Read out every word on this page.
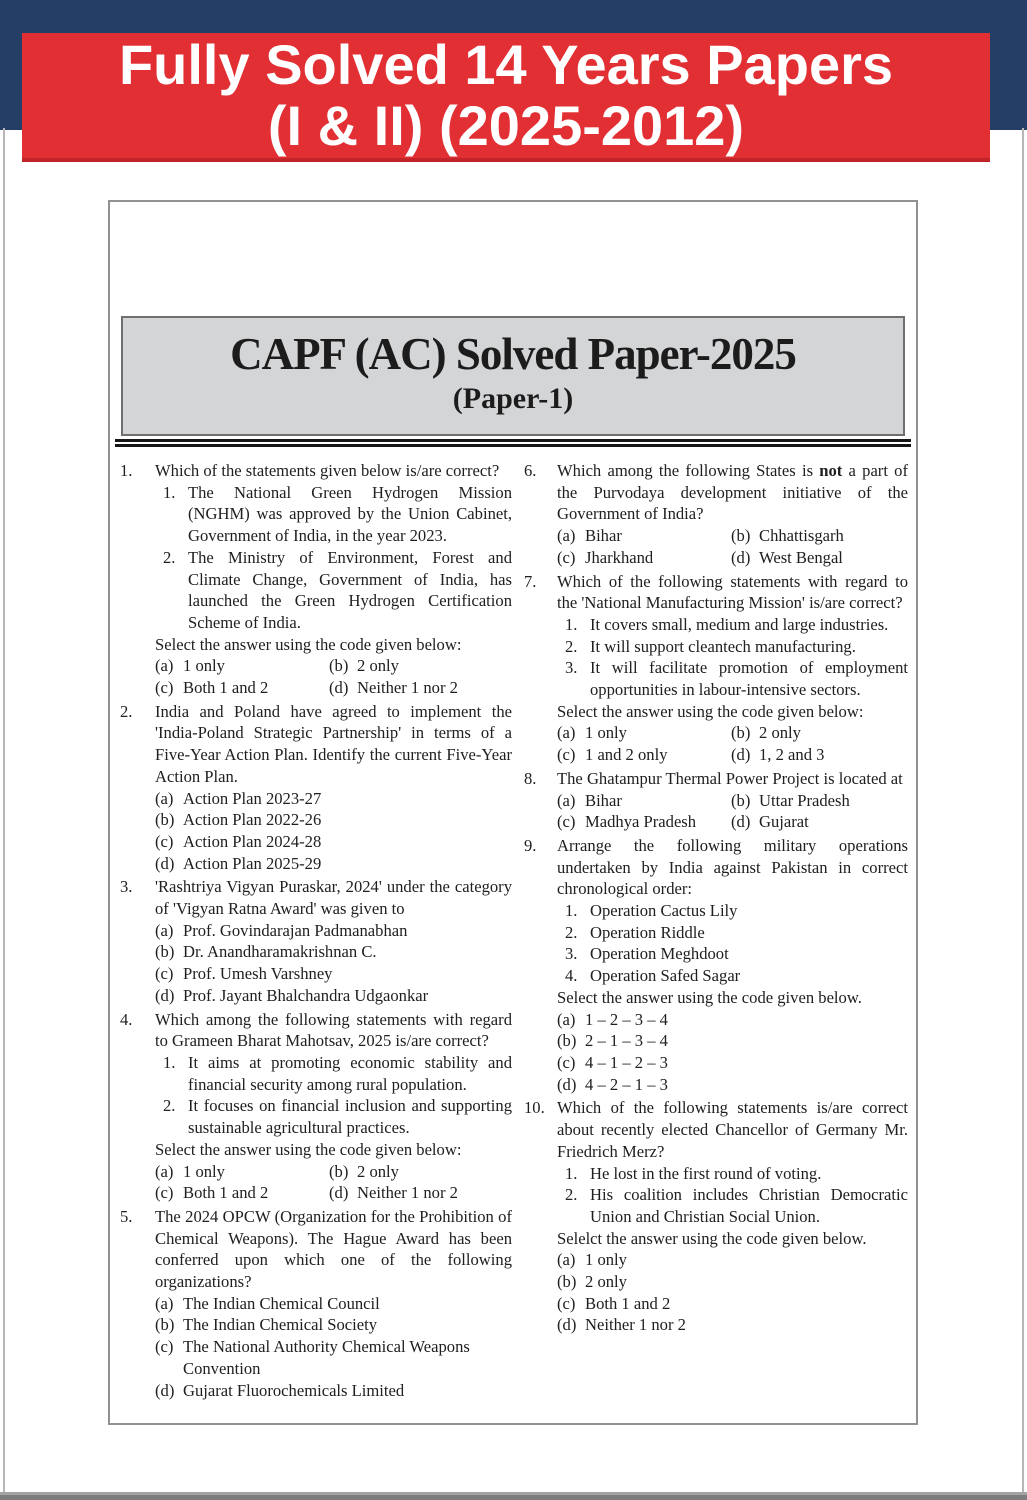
Fully Solved 14 Years Papers
(I & II) (2025-2012)
CAPF (AC) Solved Paper-2025
(Paper-1)
1.	Which of the statements given below is/are correct?
1. The National Green Hydrogen Mission (NGHM) was approved by the Union Cabinet, Government of India, in the year 2023.
2. The Ministry of Environment, Forest and Climate Change, Government of India, has launched the Green Hydrogen Certification Scheme of India.
Select the answer using the code given below:
(a) 1 only	(b) 2 only
(c) Both 1 and 2	(d) Neither 1 nor 2
2.	India and Poland have agreed to implement the 'India-Poland Strategic Partnership' in terms of a Five-Year Action Plan. Identify the current Five-Year Action Plan.
(a) Action Plan 2023-27
(b) Action Plan 2022-26
(c) Action Plan 2024-28
(d) Action Plan 2025-29
3.	'Rashtriya Vigyan Puraskar, 2024' under the category of 'Vigyan Ratna Award' was given to
(a) Prof. Govindarajan Padmanabhan
(b) Dr. Anandharamakrishnan C.
(c) Prof. Umesh Varshney
(d) Prof. Jayant Bhalchandra Udgaonkar
4.	Which among the following statements with regard to Grameen Bharat Mahotsav, 2025 is/are correct?
1. It aims at promoting economic stability and financial security among rural population.
2. It focuses on financial inclusion and supporting sustainable agricultural practices.
Select the answer using the code given below:
(a) 1 only	(b) 2 only
(c) Both 1 and 2	(d) Neither 1 nor 2
5.	The 2024 OPCW (Organization for the Prohibition of Chemical Weapons). The Hague Award has been conferred upon which one of the following organizations?
(a) The Indian Chemical Council
(b) The Indian Chemical Society
(c) The National Authority Chemical Weapons Convention
(d) Gujarat Fluorochemicals Limited
6.	Which among the following States is not a part of the Purvodaya development initiative of the Government of India?
(a) Bihar	(b) Chhattisgarh
(c) Jharkhand	(d) West Bengal
7.	Which of the following statements with regard to the 'National Manufacturing Mission' is/are correct?
1. It covers small, medium and large industries.
2. It will support cleantech manufacturing.
3. It will facilitate promotion of employment opportunities in labour-intensive sectors.
Select the answer using the code given below:
(a) 1 only	(b) 2 only
(c) 1 and 2 only	(d) 1, 2 and 3
8.	The Ghatampur Thermal Power Project is located at
(a) Bihar	(b) Uttar Pradesh
(c) Madhya Pradesh (d) Gujarat
9.	Arrange the following military operations undertaken by India against Pakistan in correct chronological order:
1. Operation Cactus Lily
2. Operation Riddle
3. Operation Meghdoot
4. Operation Safed Sagar
Select the answer using the code given below.
(a) 1 – 2 – 3 – 4
(b) 2 – 1 – 3 – 4
(c) 4 – 1 – 2 – 3
(d) 4 – 2 – 1 – 3
10. Which of the following statements is/are correct about recently elected Chancellor of Germany Mr. Friedrich Merz?
1. He lost in the first round of voting.
2. His coalition includes Christian Democratic Union and Christian Social Union.
Selelct the answer using the code given below.
(a) 1 only
(b) 2 only
(c) Both 1 and 2
(d) Neither 1 nor 2
